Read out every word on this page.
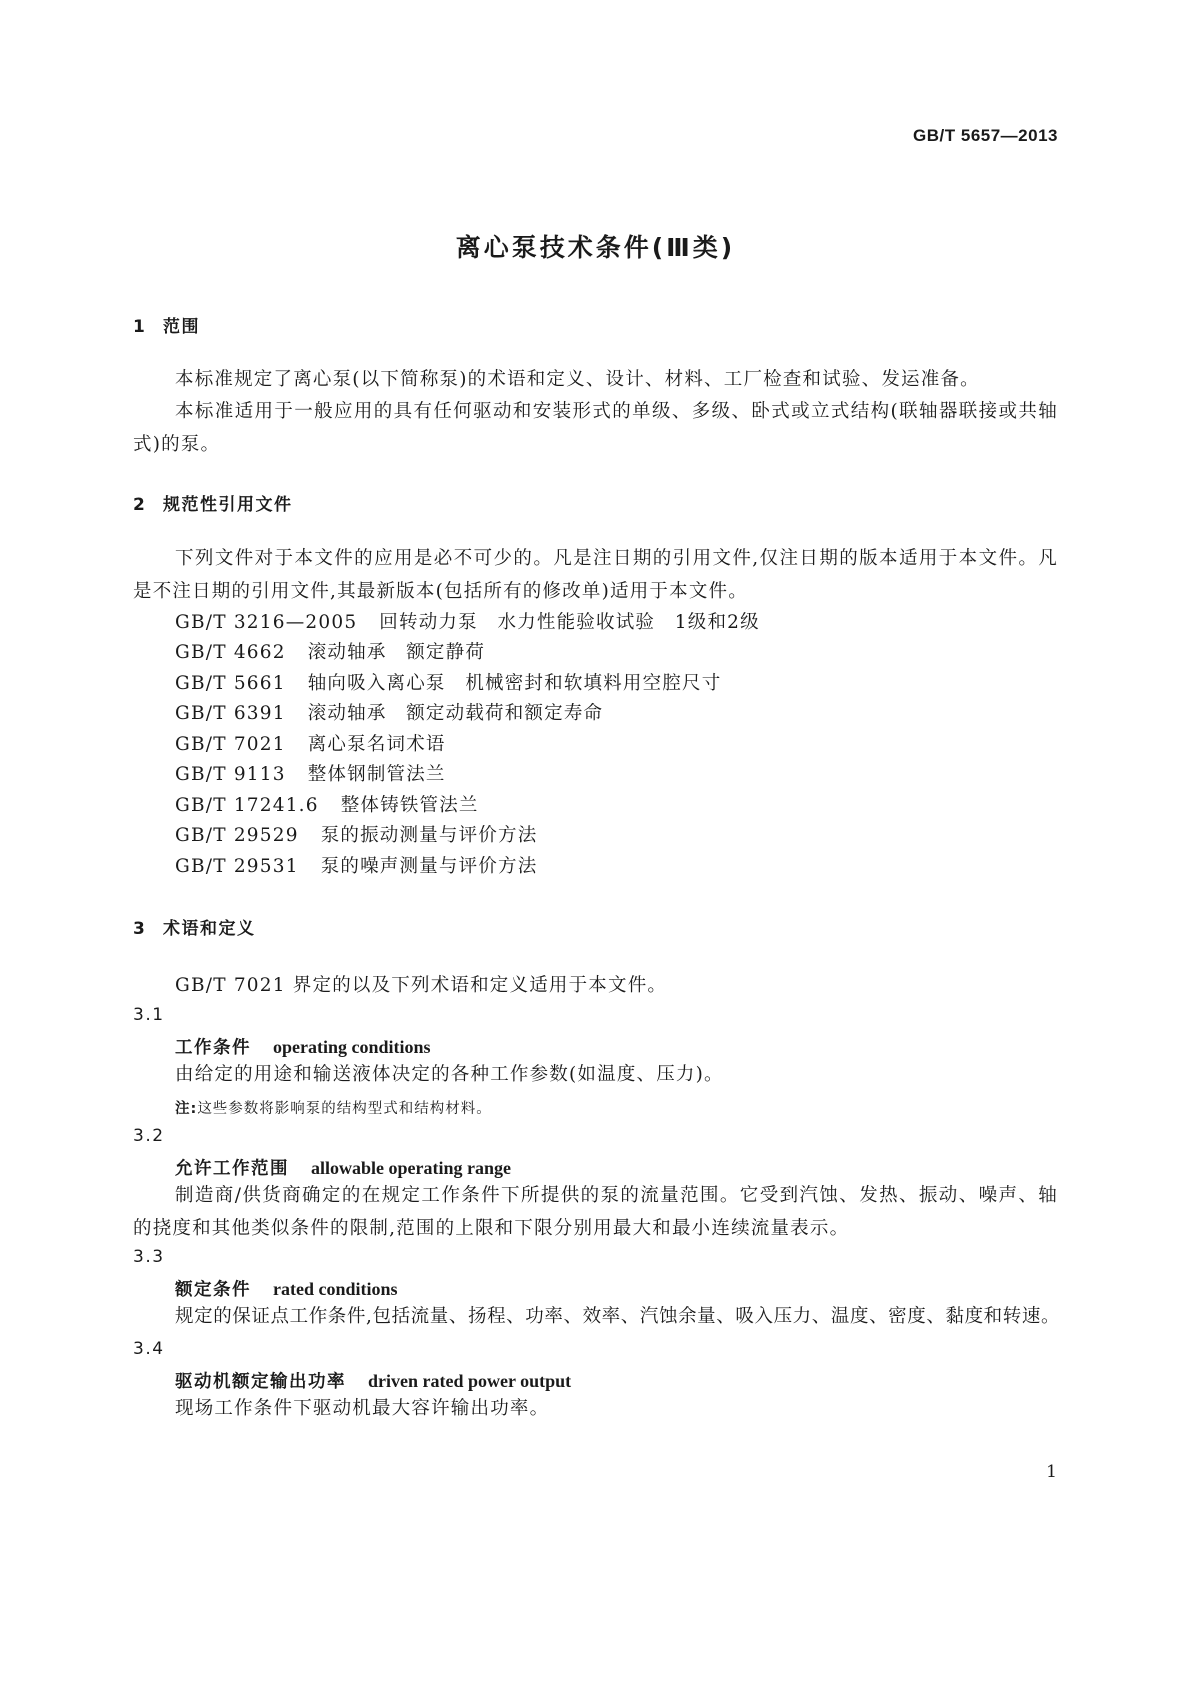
GB/T 5657—2013
离心泵技术条件(Ⅲ类)
1 范围
本标准规定了离心泵(以下简称泵)的术语和定义、设计、材料、工厂检查和试验、发运准备。
本标准适用于一般应用的具有任何驱动和安装形式的单级、多级、卧式或立式结构(联轴器联接或共轴式)的泵。
2 规范性引用文件
下列文件对于本文件的应用是必不可少的。凡是注日期的引用文件,仅注日期的版本适用于本文件。凡是不注日期的引用文件,其最新版本(包括所有的修改单)适用于本文件。
GB/T 3216—2005 回转动力泵　水力性能验收试验　1级和2级
GB/T 4662 滚动轴承　额定静荷
GB/T 5661 轴向吸入离心泵　机械密封和软填料用空腔尺寸
GB/T 6391 滚动轴承　额定动载荷和额定寿命
GB/T 7021 离心泵名词术语
GB/T 9113 整体钢制管法兰
GB/T 17241.6 整体铸铁管法兰
GB/T 29529 泵的振动测量与评价方法
GB/T 29531 泵的噪声测量与评价方法
3 术语和定义
GB/T 7021 界定的以及下列术语和定义适用于本文件。
3.1
工作条件 operating conditions
由给定的用途和输送液体决定的各种工作参数(如温度、压力)。
注:这些参数将影响泵的结构型式和结构材料。
3.2
允许工作范围 allowable operating range
制造商/供货商确定的在规定工作条件下所提供的泵的流量范围。它受到汽蚀、发热、振动、噪声、轴的挠度和其他类似条件的限制,范围的上限和下限分别用最大和最小连续流量表示。
3.3
额定条件 rated conditions
规定的保证点工作条件,包括流量、扬程、功率、效率、汽蚀余量、吸入压力、温度、密度、黏度和转速。
3.4
驱动机额定输出功率 driven rated power output
现场工作条件下驱动机最大容许输出功率。
1
